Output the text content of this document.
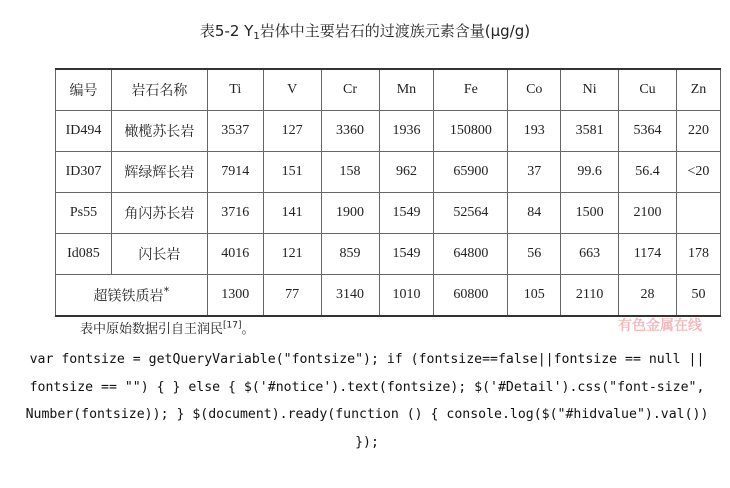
表5-2 $Y_1$岩体中主要岩石的过渡族元素含量(μg/g)
编号	岩石名称	Ti	V	Cr	Mn	Fe	Co	Ni	Cu	Zn
ID494	橄榄苏长岩	3537	127	3360	1936	150800	193	3581	5364	220
ID307	辉绿辉长岩	7914	151	158	962	65900	37	99.6	56.4	<20
Ps55	角闪苏长岩	3716	141	1900	1549	52564	84	1500	2100	
Id085	闪长岩	4016	121	859	1549	64800	56	663	1174	178
超镁铁质岩*		1300	77	3140	1010	60800	105	2110	28	50
表中原始数据引自王润民[17]。	有色金属在线
var fontsize = getQueryVariable("fontsize"); if (fontsize==false||fontsize == null || fontsize == "") { } else { $('#notice').text(fontsize); $('#Detail').css("font-size", Number(fontsize)); } $(document).ready(function () { console.log($("#hidvalue").val()) });
